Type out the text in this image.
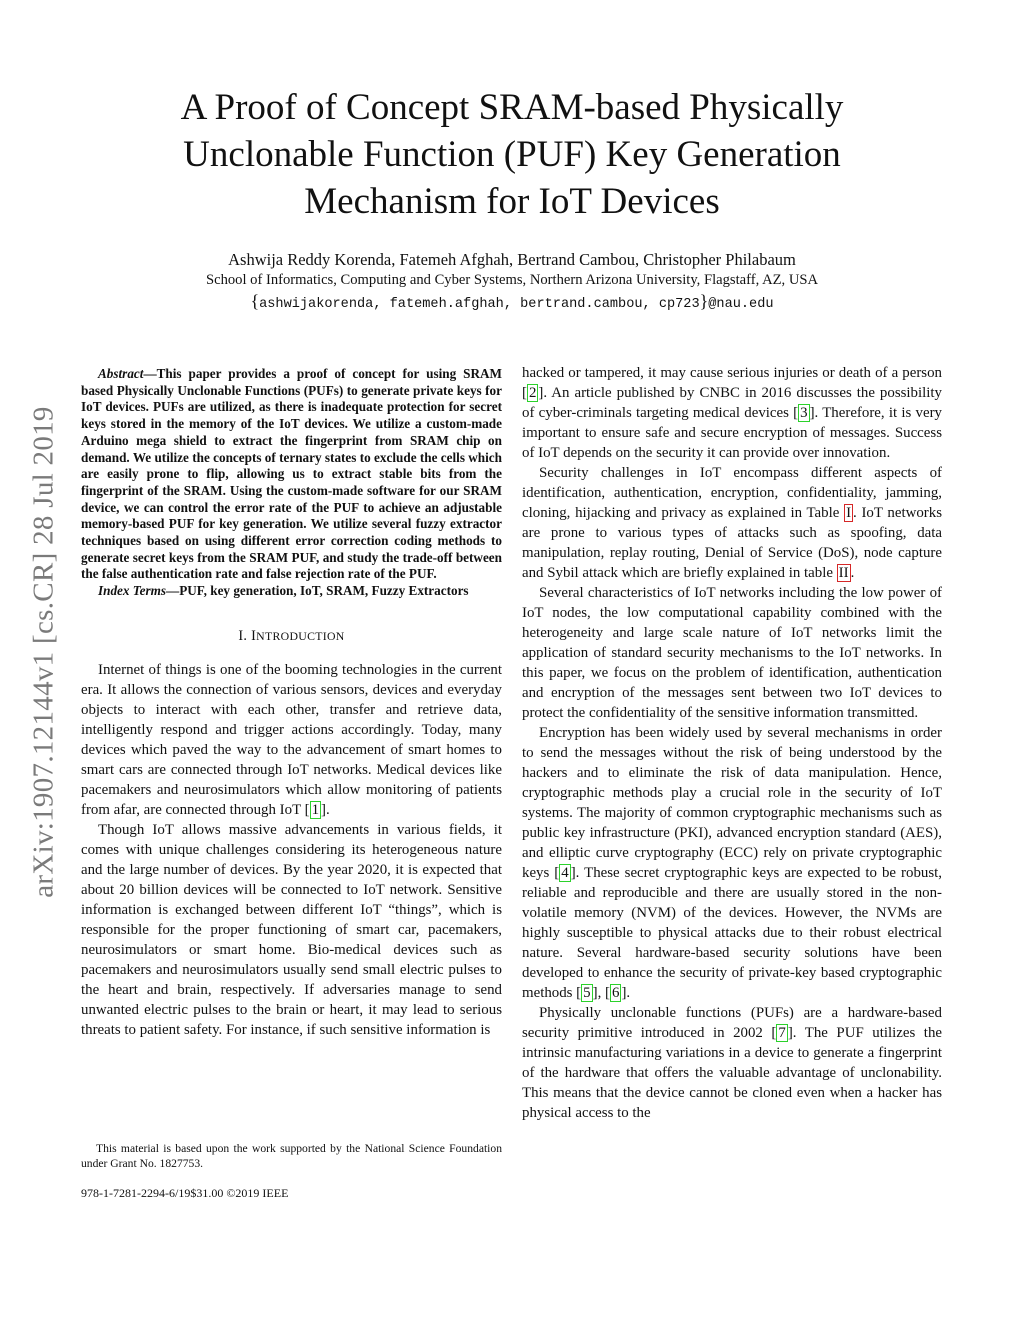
A Proof of Concept SRAM-based Physically
Unclonable Function (PUF) Key Generation
Mechanism for IoT Devices
Ashwija Reddy Korenda, Fatemeh Afghah, Bertrand Cambou, Christopher Philabaum
School of Informatics, Computing and Cyber Systems, Northern Arizona University, Flagstaff, AZ, USA
{ashwijakorenda, fatemeh.afghah, bertrand.cambou, cp723}@nau.edu
arXiv:1907.12144v1 [cs.CR] 28 Jul 2019

Abstract—This paper provides a proof of concept for using SRAM based Physically Unclonable Functions (PUFs) to generate private keys for IoT devices. PUFs are utilized, as there is inadequate protection for secret keys stored in the memory of the IoT devices. We utilize a custom-made Arduino mega shield to extract the fingerprint from SRAM chip on demand. We utilize the concepts of ternary states to exclude the cells which are easily prone to flip, allowing us to extract stable bits from the fingerprint of the SRAM. Using the custom-made software for our SRAM device, we can control the error rate of the PUF to achieve an adjustable memory-based PUF for key generation. We utilize several fuzzy extractor techniques based on using different error correction coding methods to generate secret keys from the SRAM PUF, and study the trade-off between the false authentication rate and false rejection rate of the PUF.

Index Terms—PUF, key generation, IoT, SRAM, Fuzzy Extractors

I. INTRODUCTION

Internet of things is one of the booming technologies in the current era. It allows the connection of various sensors, devices and everyday objects to interact with each other, transfer and retrieve data, intelligently respond and trigger actions accordingly. Today, many devices which paved the way to the advancement of smart homes to smart cars are connected through IoT networks. Medical devices like pacemakers and neurosimulators which allow monitoring of patients from afar, are connected through IoT [ 1 ].

Though IoT allows massive advancements in various fields, it comes with unique challenges considering its heterogeneous nature and the large number of devices. By the year 2020, it is expected that about 20 billion devices will be connected to IoT network. Sensitive information is exchanged between different IoT “things”, which is responsible for the proper functioning of smart car, pacemakers, neurosimulators or smart home. Bio-medical devices such as pacemakers and neurosimulators usually send small electric pulses to the heart and brain, respectively. If adversaries manage to send unwanted electric pulses to the brain or heart, it may lead to serious threats to patient safety. For instance, if such sensitive information is

hacked or tampered, it may cause serious injuries or death of a person [ 2 ]. An article published by CNBC in 2016 discusses the possibility of cyber-criminals targeting medical devices [ 3 ]. Therefore, it is very important to ensure safe and secure encryption of messages. Success of IoT depends on the security it can provide over innovation.

Security challenges in IoT encompass different aspects of identification, authentication, encryption, confidentiality, jamming, cloning, hijacking and privacy as explained in Table I . IoT networks are prone to various types of attacks such as spoofing, data manipulation, replay routing, Denial of Service (DoS), node capture and Sybil attack which are briefly explained in table II .

Several characteristics of IoT networks including the low power of IoT nodes, the low computational capability combined with the heterogeneity and large scale nature of IoT networks limit the application of standard security mechanisms to the IoT networks. In this paper, we focus on the problem of identification, authentication and encryption of the messages sent between two IoT devices to protect the confidentiality of the sensitive information transmitted.

Encryption has been widely used by several mechanisms in order to send the messages without the risk of being understood by the hackers and to eliminate the risk of data manipulation. Hence, cryptographic methods play a crucial role in the security of IoT systems. The majority of common cryptographic mechanisms such as public key infrastructure (PKI), advanced encryption standard (AES), and elliptic curve cryptography (ECC) rely on private cryptographic keys [ 4 ]. These secret cryptographic keys are expected to be robust, reliable and reproducible and there are usually stored in the non-volatile memory (NVM) of the devices. However, the NVMs are highly susceptible to physical attacks due to their robust electrical nature. Several hardware-based security solutions have been developed to enhance the security of private-key based cryptographic methods [ 5 ], [ 6 ].

Physically unclonable functions (PUFs) are a hardware-based security primitive introduced in 2002 [ 7 ]. The PUF utilizes the intrinsic manufacturing variations in a device to generate a fingerprint of the hardware that offers the valuable advantage of unclonability. This means that the device cannot be cloned even when a hacker has physical access to the

This material is based upon the work supported by the National Science Foundation under Grant No. 1827753.

978-1-7281-2294-6/19$31.00 ©2019 IEEE
